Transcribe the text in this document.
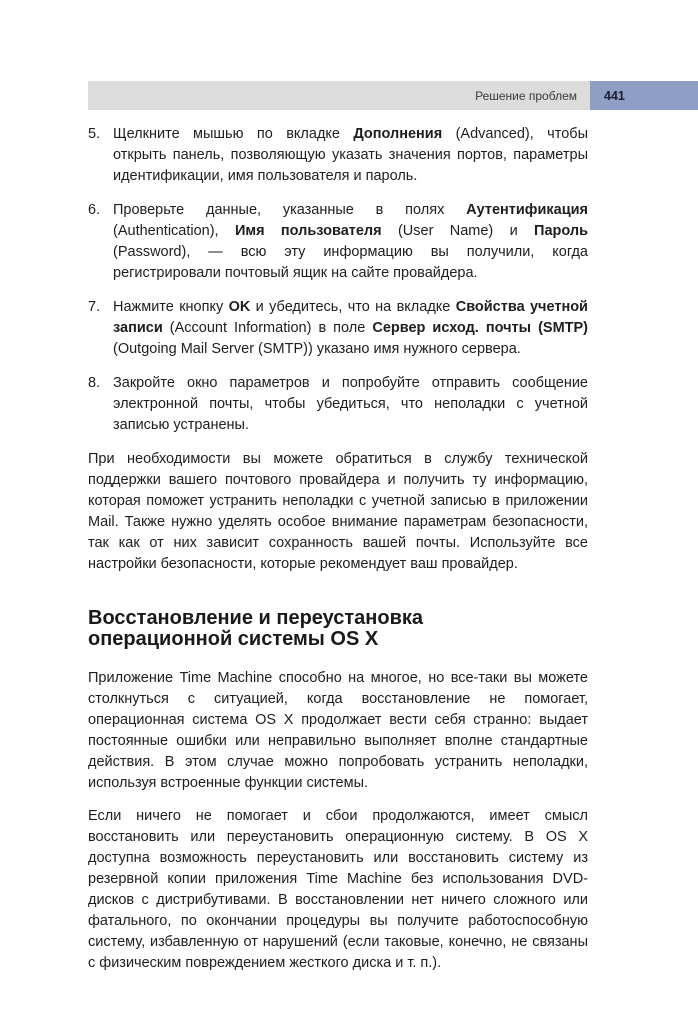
Решение проблем 441
5. Щелкните мышью по вкладке Дополнения (Advanced), чтобы открыть панель, позволяющую указать значения портов, параметры идентификации, имя пользователя и пароль.
6. Проверьте данные, указанные в полях Аутентификация (Authentication), Имя пользователя (User Name) и Пароль (Password), — всю эту информацию вы получили, когда регистрировали почтовый ящик на сайте провайдера.
7. Нажмите кнопку OK и убедитесь, что на вкладке Свойства учетной записи (Account Information) в поле Сервер исход. почты (SMTP) (Outgoing Mail Server (SMTP)) указано имя нужного сервера.
8. Закройте окно параметров и попробуйте отправить сообщение электронной почты, чтобы убедиться, что неполадки с учетной записью устранены.

При необходимости вы можете обратиться в службу технической поддержки вашего почтового провайдера и получить ту информацию, которая поможет устранить неполадки с учетной записью в приложении Mail. Также нужно уделять особое внимание параметрам безопасности, так как от них зависит сохранность вашей почты. Используйте все настройки безопасности, которые рекомендует ваш провайдер.

Восстановление и переустановка
операционной системы OS X

Приложение Time Machine способно на многое, но все-таки вы можете столкнуться с ситуацией, когда восстановление не помогает, операционная система OS X продолжает вести себя странно: выдает постоянные ошибки или неправильно выполняет вполне стандартные действия. В этом случае можно попробовать устранить неполадки, используя встроенные функции системы.

Если ничего не помогает и сбои продолжаются, имеет смысл восстановить или переустановить операционную систему. В OS X доступна возможность переустановить или восстановить систему из резервной копии приложения Time Machine без использования DVD-дисков с дистрибутивами. В восстановлении нет ничего сложного или фатального, по окончании процедуры вы получите работоспособную систему, избавленную от нарушений (если таковые, конечно, не связаны с физическим повреждением жесткого диска и т. п.).
